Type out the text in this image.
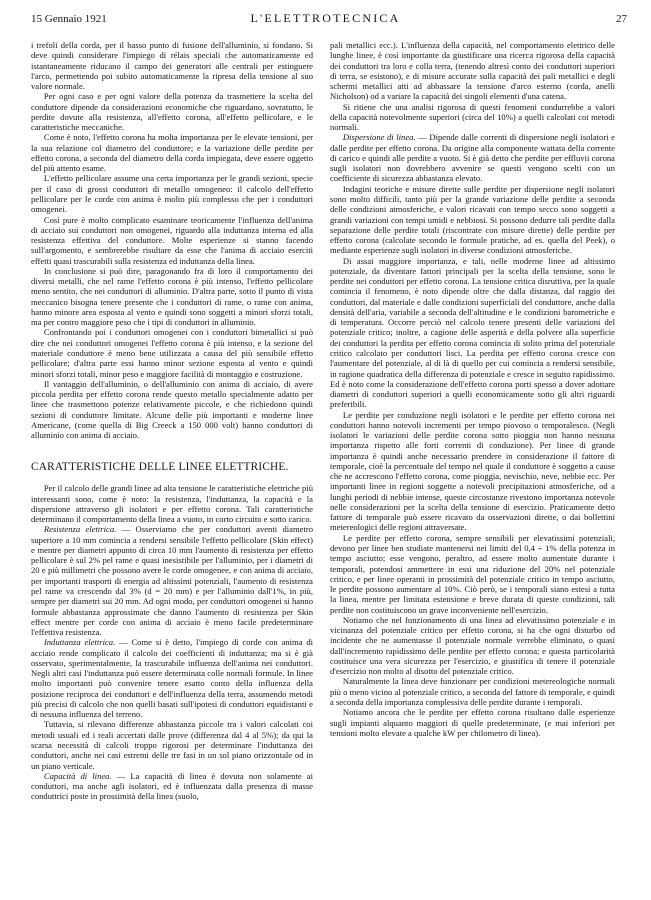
15 Gennaio 1921	L'ELETTROTECNICA	27

i trefoli della corda, per il basso punto di fusione dell'alluminio, si fondano. Si deve quindi considerare l'impiego di rélais speciali che automaticamente ed istantaneamente riducano il campo dei generatori alle centrali per estinguere l'arco, permettendo poi subito automaticamente la ripresa della tensione al suo valore normale.

Per ogni caso e per ogni valore della potenza da trasmettere la scelta del conduttore dipende da considerazioni economiche che riguardano, sovratutto, le perdite dovute alla resistenza, all'effetto corona, all'effetto pellicolare, e le caratteristiche meccaniche.

Come è noto, l'effetto corona ha molta importanza per le elevate tensioni, per la sua relazione col diametro del conduttore; e la variazione delle perdite per effetto corona, a seconda del diametro della corda impiegata, deve essere oggetto del più attento esame.

L'effetto pellicolare assume una certa importanza per le grandi sezioni, specie per il caso di grossi conduttori di metallo omogeneo: il calcolo dell'effetto pellicolare per le corde con anima è molto più complesso che per i conduttori omogenei.

Così pure è molto complicato esaminare teoricamente l'influenza dell'anima di acciaio sui conduttori non omogenei, riguardo alla induttanza interna ed alla resistenza effettiva del conduttore. Molte esperienze si stanno facendo sull'argomento, e sembrerebbe risultare da esse che l'anima di acciaio eserciti effetti quasi trascurabili sulla resistenza ed induttanza della linea.

In conclusione si può dire, paragonando fra di loro il comportamento dei diversi metalli, che nel rame l'effetto corona è più intenso, l'effetto pellicolare meno sentito, che nei conduttori di alluminio. D'altra parte, sotto il punto di vista meccanico bisogna tenere presente che i conduttori di rame, o rame con anima, hanno minore area esposta al vento e quindi sono soggetti a minori sforzi totali, ma per contro maggiore peso che i tipi di conduttori in alluminio.

Confrontando poi i conduttori omogenei con i conduttori bimetallici si può dire che nei conduttori omogenei l'effetto corona è più intenso, e la sezione del materiale conduttore è meno bene utilizzata a causa del più sensibile effetto pellicolare; d'altra parte essi hanno minor sezione esposta al vento e quindi minori sforzi totali, minor peso e maggiore facilità di montaggio e costruzione.

Il vantaggio dell'alluminio, o dell'alluminio con anima di acciaio, di avere piccola perdita per effetto corona rende questo metallo specialmente adatto per linee che trasmettono potenze relativamente piccole, e che richiedono quindi sezioni di conduttore limitate. Alcune delle più importanti e moderne linee Americane, (come quella di Big Creeck a 150 000 volt) hanno conduttori di alluminio con anima di acciaio.

CARATTERISTICHE DELLE LINEE ELETTRICHE.

Per il calcolo delle grandi linee ad alta tensione le caratteristiche elettriche più interessanti sono, come è noto: la resistenza, l'induttanza, la capacità e la dispersione attraverso gli isolatori e per effetto corona. Tali caratteristiche determinano il comportamento della linea a vuoto, in corto circuito e sotto carico.

Resistenza elettrica. — Osserviamo che per conduttori aventi diametro superiore a 10 mm comincia a rendersi sensibile l'effetto pellicolare (Skin effect) e mentre per diametri appunto di circa 10 mm l'aumento di resistenza per effetto pellicolare è sul 2% pel rame e quasi inesistibile per l'alluminio, per i diametri di 20 e più millimetri che possono avere le corde omogenee, e con anima di acciaio, per importanti trasporti di energia ad altissimi potenziali, l'aumento di resistenza pel rame va crescendo dal 3% (d = 20 mm) e per l'alluminio dall'1%, in più, sempre per diametri sui 20 mm. Ad ogni modo, per conduttori omogenei si hanno formule abbastanza approssimate che danno l'aumento di resistenza per Skin effect mentre per corde con anima di acciaio è meno facile predeterminare l'effettiva resistenza.

Induttanza elettrica. — Come si è detto, l'impiego di corde con anima di acciaio rende complicato il calcolo dei coefficienti di induttanza; ma si è già osservato, sperimentalmente, la trascurabile influenza dell'anima nei conduttori. Negli altri casi l'induttanza può essere determinata colle normali formule. In linee molto importanti può convenire tenere esatto conto della influenza della posizione reciproca dei conduttori e dell'influenza della terra, assumendo metodi più precisi di calcolo che non quelli basati sull'ipotesi di conduttori equidistanti e di nessuna influenza del terreno.

Tuttavia, si rilevano differenze abbastanza piccole tra i valori calcolati coi metodi usuali ed i reali accertati dalle prove (differenza dal 4 al 5%); da qui la scarsa necessità di calcoli troppo rigorosi per determinare l'induttanza dei conduttori, anche nei casi estremi delle tre fasi in un sol piano orizzontale od in un piano verticale.

Capacità di linea. — La capacità di linea è dovuta non solamente ai conduttori, ma anche agli isolatori, ed è influenzata dalla presenza di masse conduttrici poste in prossimità della linea (suolo,

pali metallici ecc.). L'influenza della capacità, nel comportamento elettrico delle lunghe linee, è così importante da giustificare una ricerca rigorosa della capacità dei conduttori tra loro e colla terra, (tenendo altresì conto dei conduttori superiori di terra, se esistono), e di misure accurate sulla capacità dei pali metallici e degli schermi metallici atti ad abbassare la tensione d'arco esterno (corda, anelli Nicholson) od a variare la capacità dei singoli elementi d'una catena.

Si ritiene che una analisi rigorosa di questi fenomeni condurrebbe a valori della capacità notevolmente superiori (circa del 10%) a quelli calcolati coi metodi normali.

Dispersione di linea. — Dipende dalle correnti di dispersione negli isolatori e dalle perdite per effetto corona. Da origine alla componente wattata della corrente di carico e quindi alle perdite a vuoto. Si è già detto che perdite per effluvii corona sugli isolatori non dovrebbero avvenire se questi vengono scelti con un coefficiente di sicurezza abbastanza elevato.

Indagini teoriche e misure dirette sulle perdite per dispersione negli isolatori sono molto difficili, tanto più per la grande variazione delle perdite a seconda delle condizioni atmosferiche, e valori ricavati con tempo secco sono soggetti a grandi variazioni con tempi umidi e nebbiosi. Si possono dedurre tali perdite dalla separazione delle perdite totali (riscontrate con misure dirette) delle perdite per effetto corona (calcolate secondo le formule pratiche, ad es. quella del Peek), o mediante esperienze sugli isolatori in diverse condizioni atmosferiche.

Di assai maggiore importanza, e tali, nelle moderne linee ad altissimo potenziale, da diventare fattori principali per la scelta della tensione, sono le perdite nei conduttori per effetto corona. La tensione critica disruttiva, per la quale comincia il fenomeno, è noto dipende oltre che dalla distanza, dal raggio dei conduttori, dal materiale e dalle condizioni superficiali del conduttore, anche dalla densità dell'aria, variabile a seconda dell'altitudine e le condizioni barometriche e di temperatura. Occorre perciò nel calcolo tenere presenti delle variazioni del potenziale critico; inoltre, a cagione delle asperità e della polvere alla superficie dei conduttori la perdita per effetto corona comincia di solito prima del potenziale critico calcolato per conduttori lisci. La perdita per effetto corona cresce con l'aumentare del potenziale, al di là di quello per cui comincia a rendersi sensibile, in ragione quadratica della differenza di potenziale e cresce in seguito rapidissimo. Ed è noto come la considerazione dell'effetto corona porti spesso a dover adottare diametri di conduttori superiori a quelli economicamente sotto gli altri riguardi preferibili.

Le perdite per conduzione negli isolatori e le perdite per effetto corona nei conduttori hanno notevoli incrementi per tempo piovoso o temporalesco. (Negli isolatori le variazioni delle perdite corona sotto pioggia non hanno nessuna importanza rispetto alle forti correnti di conduzione). Per linee di grande importanza è quindi anche necessario prendere in considerazione il fattore di temporale, cioè la percentuale del tempo nel quale il conduttore è soggetto a cause che ne accrescono l'effetto corona, come pioggia, nevischio, neve, nebbie ecc. Per importanti linee in regioni soggette a notevoli precipitazioni atmosferiche, od a lunghi periodi di nebbie intense, queste circostanze rivestono importanza notevole nelle considerazioni per la scelta della tensione di esercizio. Praticamente detto fattore di temporale può essere ricavato da osservazioni dirette, o dai bollettini metereologici delle regioni attraversate.

Le perdite per effetto corona, sempre sensibili per elevatissimi potenziali, devono per linee ben studiate mantenersi nei limiti del 0,4 ÷ 1% della potenza in tempo asciutto; esse vengono, peraltro, ad essere molto aumentate durante i temporali, potendosi ammettere in essi una riduzione del 20% nel potenziale critico, e per linee operanti in prossimità del potenziale critico in tempo asciutto, le perdite possono aumentare al 10%. Ciò però, se i temporali siano estesi a tutta la linea, mentre per limitata estensione e breve durata di queste condizioni, tali perdite non costituiscono un grave inconveniente nell'esercizio.

Notiamo che nel funzionamento di una linea ad elevatissimo potenziale e in vicinanza del potenziale critico per effetto corona, si ha che ogni disturbo od incidente che ne aumentasse il potenziale normale verrebbe eliminato, o quasi dall'incremento rapidissimo delle perdite per effetto corona; e questa particolarità costituisce una vera sicurezza per l'esercizio, e giustifica di tenere il potenziale d'esercizio non molto al disotto del potenziale critico.

Naturalmente la linea deve funzionare per condizioni metereologiche normali più o meno vicino al potenziale critico, a seconda del fattore di temporale, e quindi a seconda della importanza complessiva delle perdite durante i temporali.

Notiamo ancora che le perdite per effetto corona risultano dalle esperienze sugli impianti alquanto maggiori di quelle predeterminate, (e mai inferiori per tensioni molto elevate a qualche kW per chilometro di linea).
